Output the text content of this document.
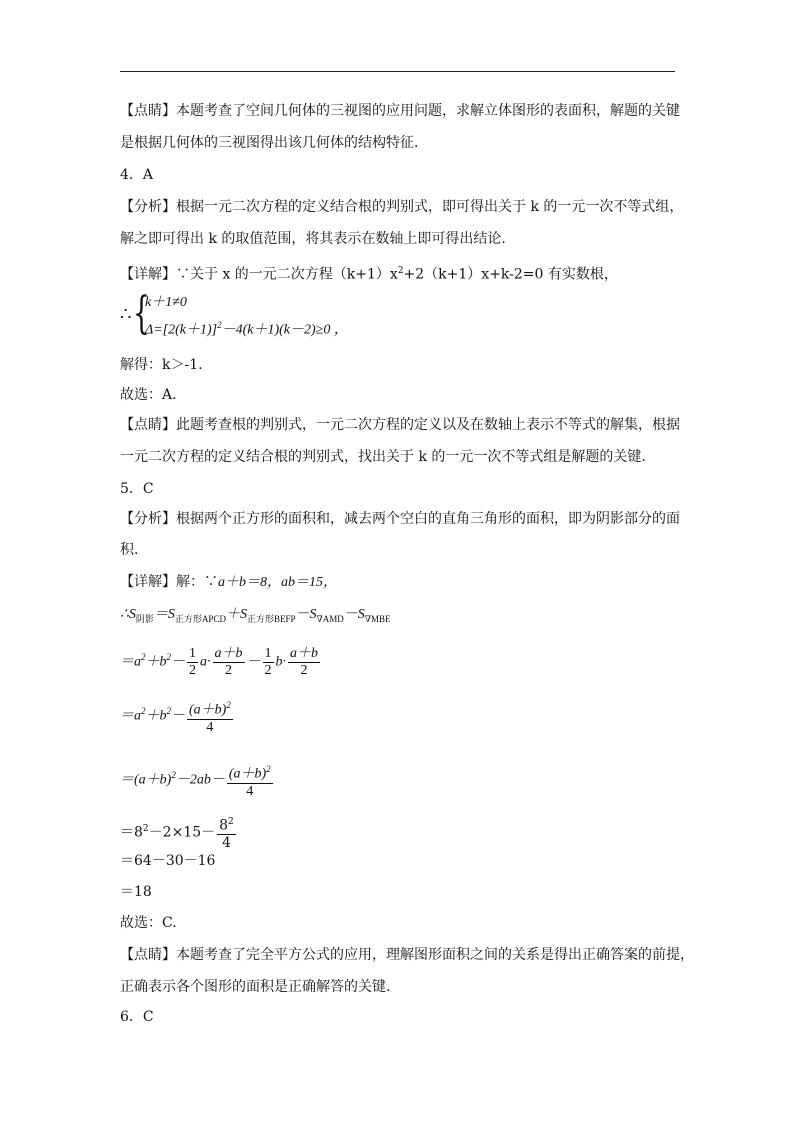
【点睛】本题考查了空间几何体的三视图的应用问题，求解立体图形的表面积，解题的关键
是根据几何体的三视图得出该几何体的结构特征．
4．A
【分析】根据一元二次方程的定义结合根的判别式，即可得出关于 k 的一元一次不等式组，
解之即可得出 k 的取值范围，将其表示在数轴上即可得出结论.
【详解】∵关于 x 的一元二次方程$(k+1)x^2+2(k+1)x+k-2=0$ 有实数根，
∴ {
k＋1≠0
$\Delta=[2(k+1)]^2-4(k+1)(k-2)\ge 0$ ，
解得：k＞-1.
故选：A.
【点睛】此题考查根的判别式，一元二次方程的定义以及在数轴上表示不等式的解集，根据
一元二次方程的定义结合根的判别式，找出关于 k 的一元一次不等式组是解题的关键.
5．C
【分析】根据两个正方形的面积和，减去两个空白的直角三角形的面积，即为阴影部分的面
积.
【详解】解：∵a＋b＝8，ab＝15，
$\therefore S_{阴影}=S_{正方形APCD}+S_{正方形BEFP}-S_{\nabla AMD}-S_{\nabla MBE}$
$=a^2+b^2- \frac{1}{2} a\cdot \frac{a+b}{2} - \frac{1}{2} b\cdot \frac{a+b}{2}$
$=a^2+b^2- \frac{(a+b)^2}{4}$
$=(a+b)^2-2ab- \frac{(a+b)^2}{4}$
$=8^2-2\times 15- \frac{8^2}{4}$
＝64－30－16
＝18
故选：C.
【点睛】本题考查了完全平方公式的应用，理解图形面积之间的关系是得出正确答案的前提，
正确表示各个图形的面积是正确解答的关键.
6．C
